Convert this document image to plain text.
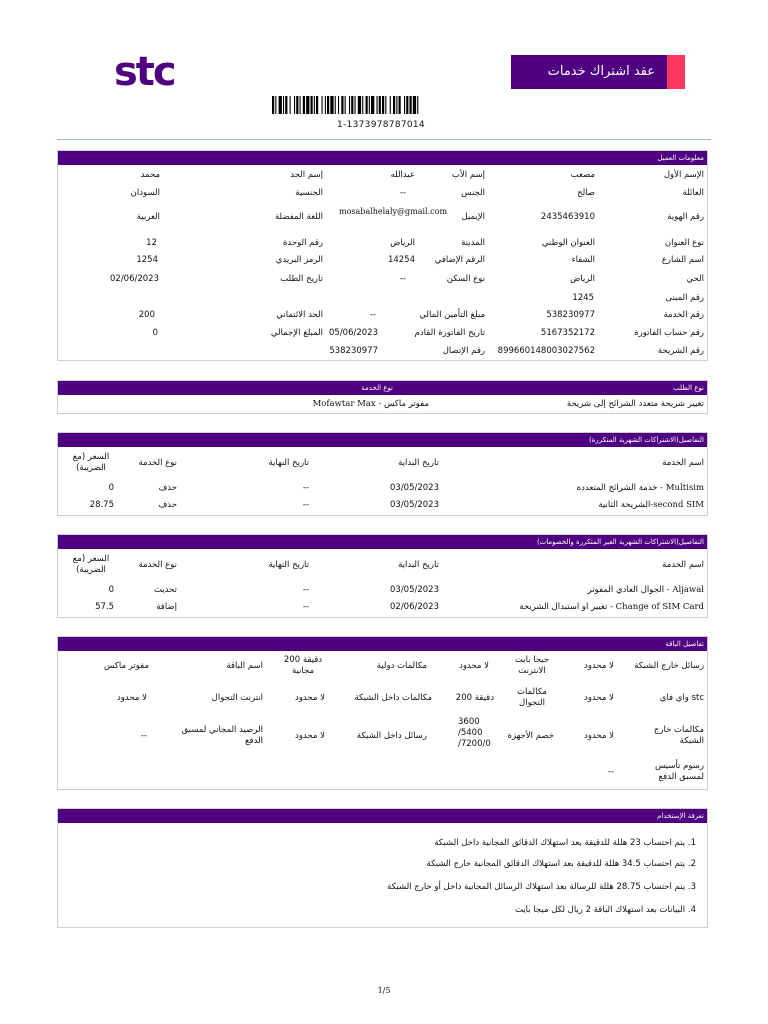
stc	عقد اشتراك خدمات
1-1373978787014
معلومات العميل
الإسم الأول
مصعب
إسم الأب
عبدالله
إسم الجد
محمد
العائلة
صالح
الجنس
--
الجنسية
السودان
رقم الهوية
2435463910
الإيميل
mosabalhelaly@gmail.com
اللغة المفضلة
العربية
نوع العنوان
العنوان الوطني
المدينة
الرياض
رقم الوحدة
12
اسم الشارع
الشفاء
الرقم الإضافي
14254
الرمز البريدي
1254
الحي
الرياض
نوع السكن
--
تاريخ الطلب
02/06/2023
رقم المبنى
1245
رقم الخدمة
538230977
مبلغ التأمين المالي
--
الحد الائتماني
200
رقم حساب الفاتورة
5167352172
تاريخ الفاتورة القادم
05/06/2023
المبلغ الإجمالي
0
رقم الشريحة
899660148003027562
رقم الإتصال
538230977
نوع الطلب
نوع الخدمة
تغيير شريحة متعدد الشرائح إلى شريحة
Mofawtar Max - مفوتر ماكس
التفاصيل(الاشتراكات الشهرية المتكررة)
اسم الخدمة
تاريخ البداية
تاريخ النهاية
نوع الخدمة
السعر (مع الضريبة)
Multisim - خدمة الشرائح المتعددة
03/05/2023
--
حذف
0
second SIM-الشريحة الثانية
03/05/2023
--
حذف
28.75
التفاصيل(الاشتراكات الشهرية الغير المتكررة والخصومات)
اسم الخدمة
تاريخ البداية
تاريخ النهاية
نوع الخدمة
السعر (مع الضريبة)
Aljawal - الجوال العادي المفوتر
03/05/2023
--
تحديث
0
Change of SIM Card - تغيير او استبدال الشريحة
02/06/2023
--
إضافة
57.5
تفاصيل الباقة
رسائل خارج الشبكة
لا محدود
جيجا بايت الانترنت
لا محدود
مكالمات دولية
دقيقة 200 مجانية
اسم الباقة
مفوتر ماكس
stc واي فاي
لا محدود
مكالمات التجوال
دقيقة 200
مكالمات داخل الشبكة
لا محدود
انترنت التجوال
لا محدود
مكالمات خارج الشبكة
لا محدود
خصم الأجهزة
3600 /5400 /7200/0
رسائل داخل الشبكة
لا محدود
الرصيد المجاني لمسبق الدفع
--
رسوم تأسيس لمسبق الدفع
--
تعرفة الإستخدام
1. يتم احتساب 23 هللة للدقيقة بعد استهلاك الدقائق المجانية داخل الشبكة
2. يتم احتساب 34.5 هللة للدقيقة بعد استهلاك الدقائق المجانية خارج الشبكة
3. يتم احتساب 28.75 هللة للرسالة بعد استهلاك الرسائل المجانية داخل أو خارج الشبكة
4. البيانات بعد استهلاك الباقة 2 ريال لكل ميجا بايت
1/5
